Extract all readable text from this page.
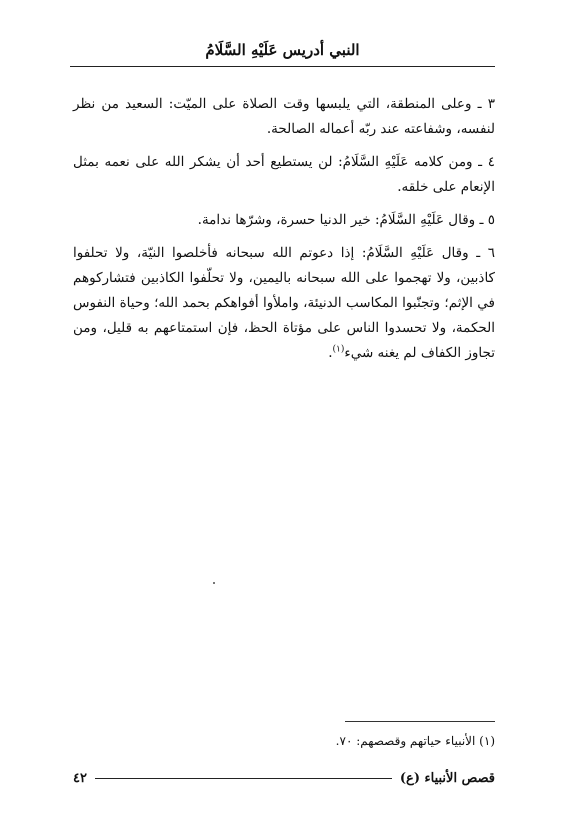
النبي أدريس عَلَيْهِ السَّلَامُ

٣ ـ وعلى المنطقة، التي يلبسها وقت الصلاة على الميّت: السعيد من نظر لنفسه، وشفاعته عند ربّه أعماله الصالحة.

٤ ـ ومن كلامه عَلَيْهِ السَّلَامُ: لن يستطيع أحد أن يشكر الله على نعمه بمثل الإنعام على خلقه.

٥ ـ وقال عَلَيْهِ السَّلَامُ: خير الدنيا حسرة، وشرّها ندامة.

٦ ـ وقال عَلَيْهِ السَّلَامُ: إذا دعوتم الله سبحانه فأخلصوا النيّة، ولا تحلفوا كاذبين، ولا تهجموا على الله سبحانه باليمين، ولا تحلّفوا الكاذبين فتشاركوهم في الإثم؛ وتجنّبوا المكاسب الدنيئة، واملأوا أفواهكم بحمد الله؛ وحياة النفوس الحكمة، ولا تحسدوا الناس على مؤتاة الحظ، فإن استمتاعهم به قليل، ومن تجاوز الكفاف لم يغنه شيء$^{(١)}$.

(١) الأنبياء حياتهم وقصصهم: ٧٠.
قصص الأنبياء (ع)
٤٢
